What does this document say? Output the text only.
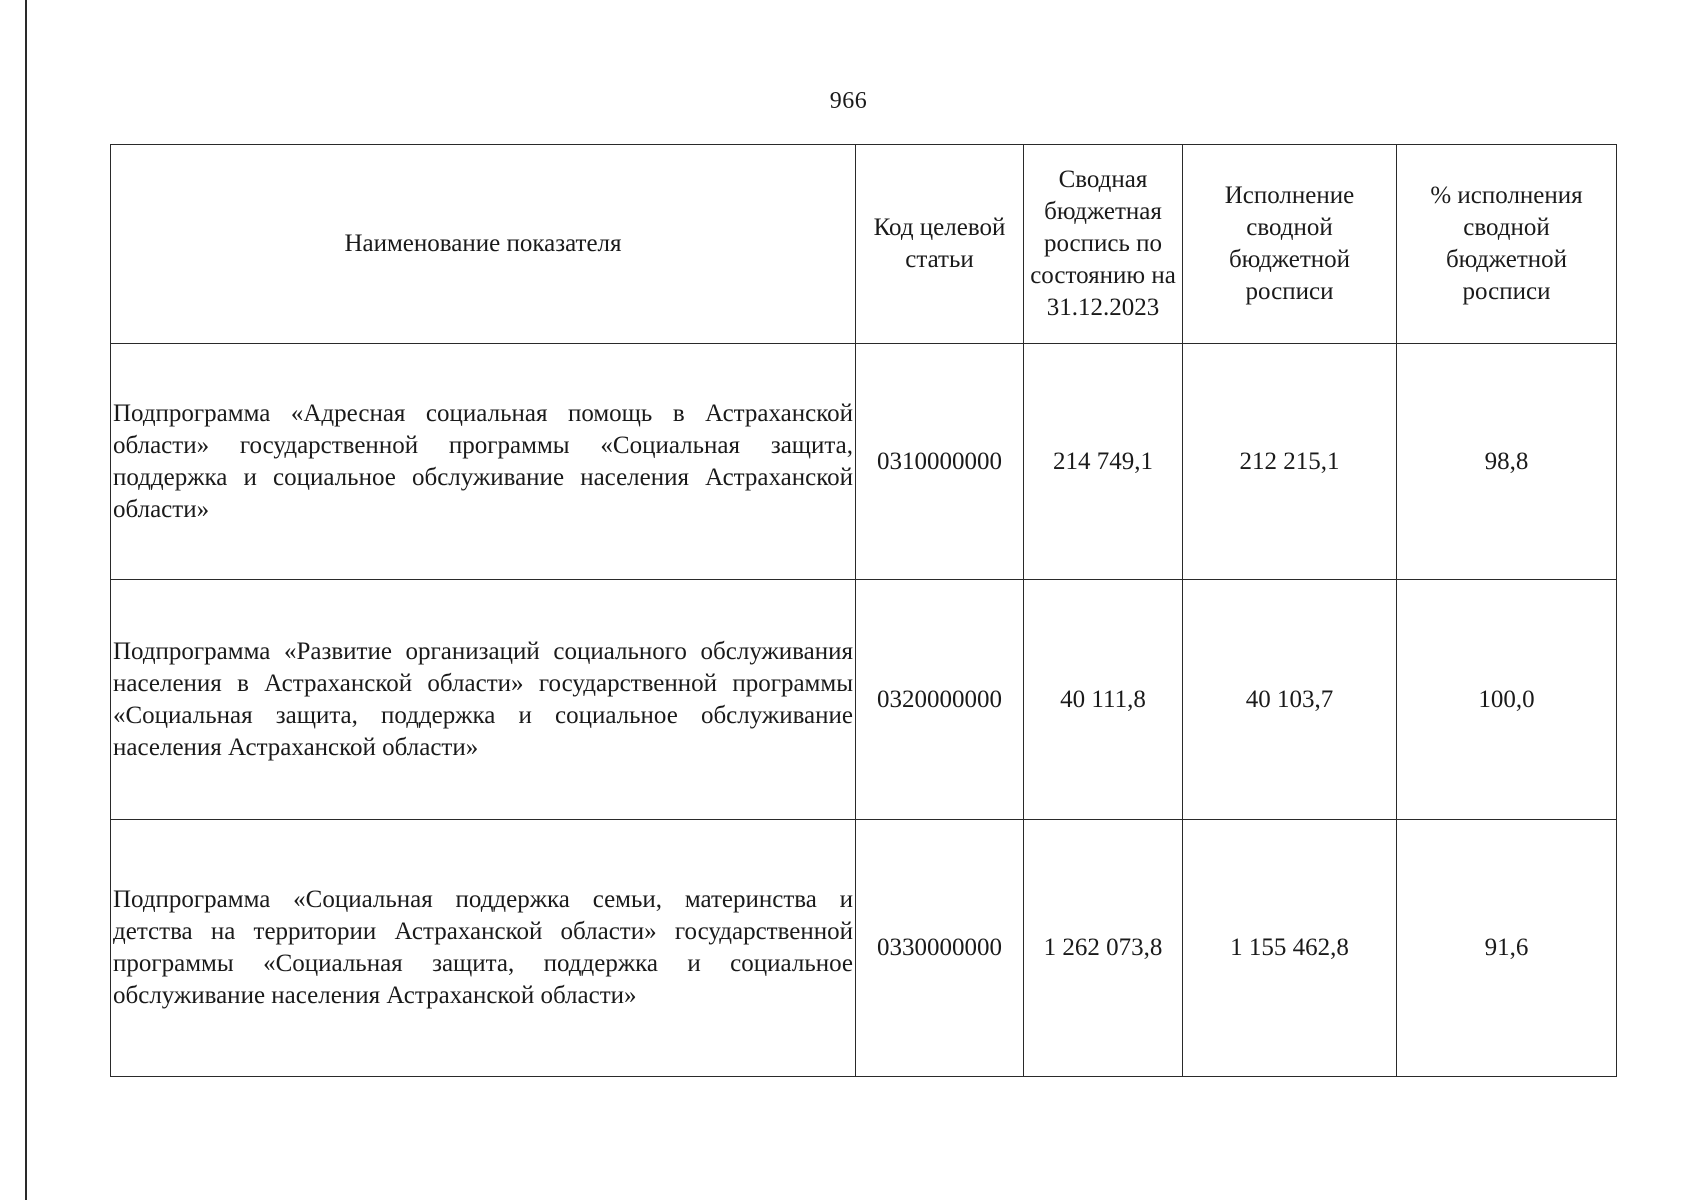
966
Наименование показателя	Код целевой статьи	Сводная бюджетная роспись по состоянию на 31.12.2023	Исполнение сводной бюджетной росписи	% исполнения сводной бюджетной росписи
Подпрограмма «Адресная социальная помощь в Астраханской области» государственной программы «Социальная защита, поддержка и социальное обслуживание населения Астраханской области»	0310000000	214 749,1	212 215,1	98,8
Подпрограмма «Развитие организаций социального обслуживания населения в Астраханской области» государственной программы «Социальная защита, поддержка и социальное обслуживание населения Астраханской области»	0320000000	40 111,8	40 103,7	100,0
Подпрограмма «Социальная поддержка семьи, материнства и детства на территории Астраханской области» государственной программы «Социальная защита, поддержка и социальное обслуживание населения Астраханской области»	0330000000	1 262 073,8	1 155 462,8	91,6
